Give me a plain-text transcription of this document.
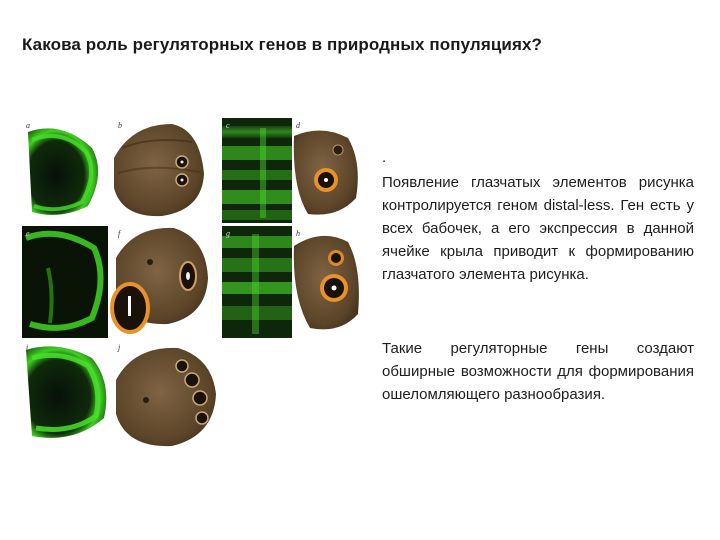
Какова роль регуляторных генов в природных популяциях?
a	b	c	d
e	f	g	h
i	j
.
Появление глазчатых элементов рисунка контролируется геном distal-less. Ген есть у всех бабочек, а его экспрессия в данной ячейке крыла приводит к формированию глазчатого элемента рисунка.
Такие регуляторные гены создают обширные возможности для формирования ошеломляющего разнообразия.
